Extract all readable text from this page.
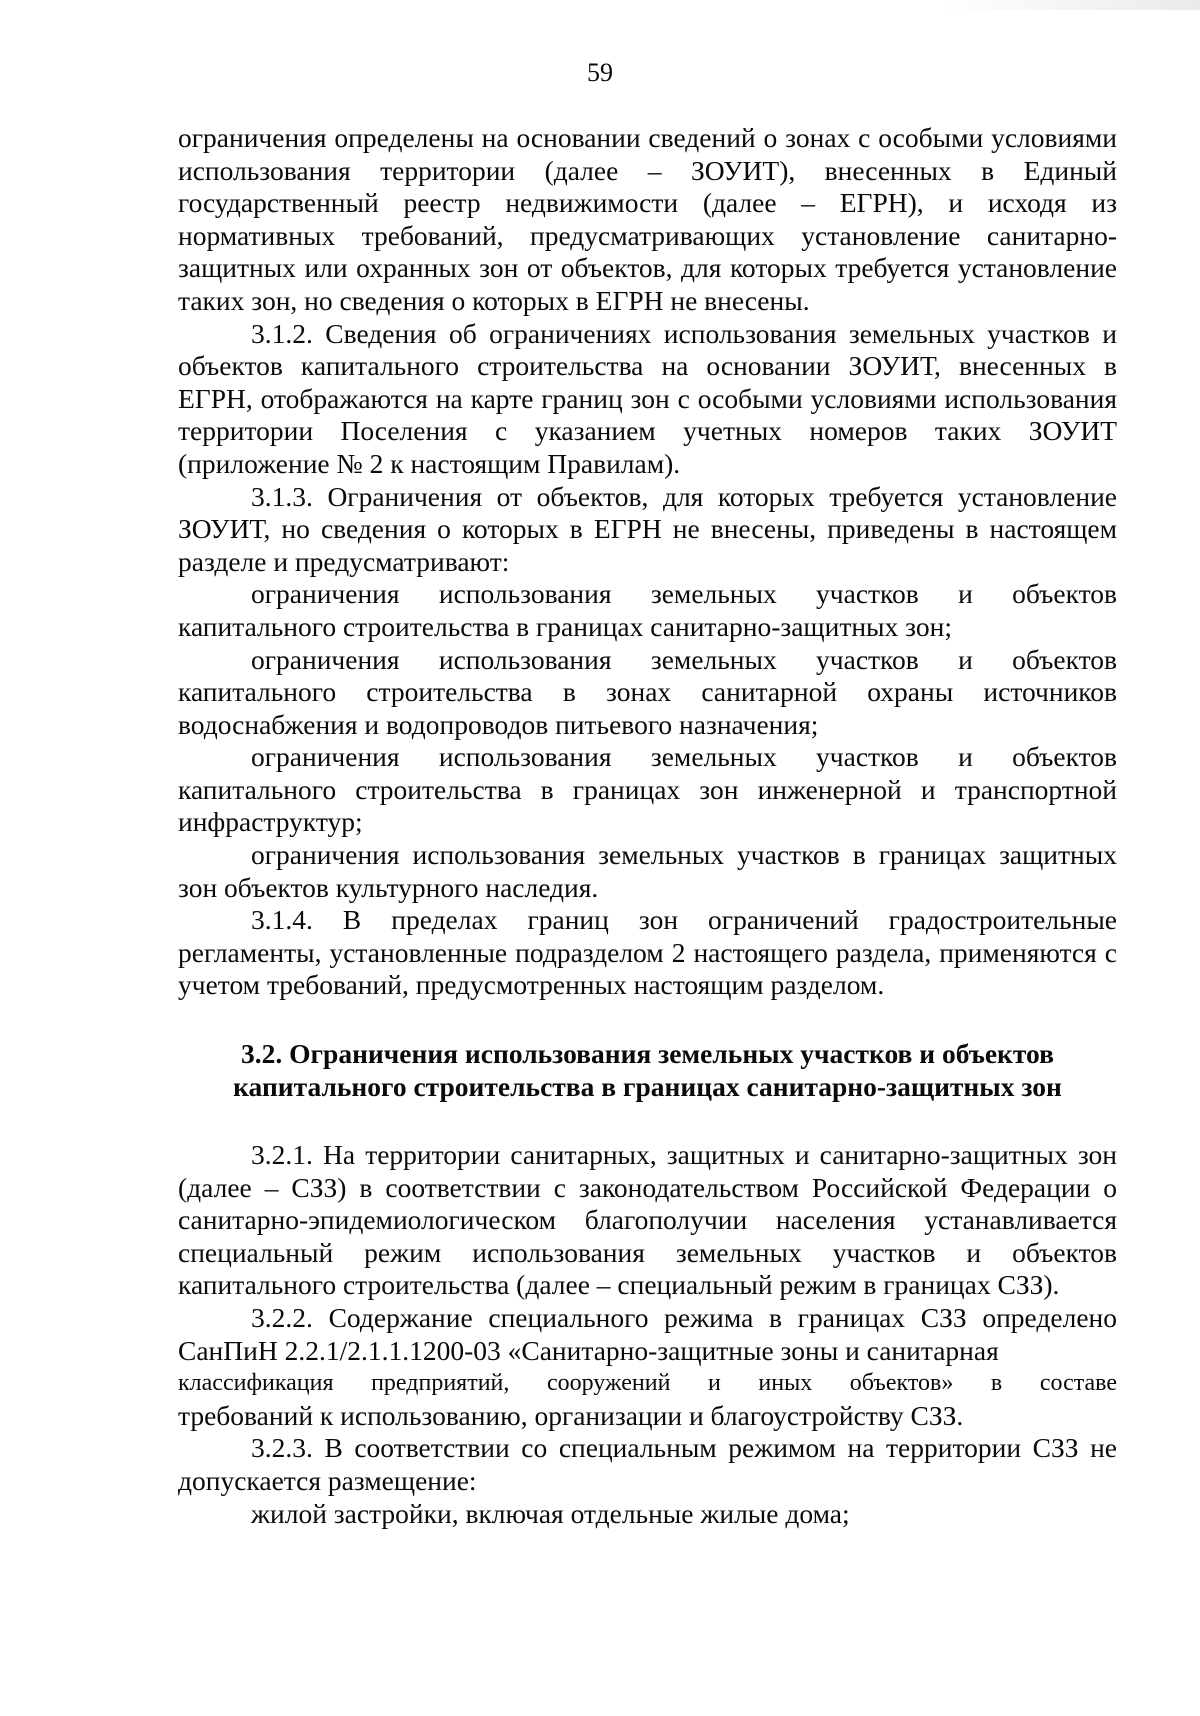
59

ограничения определены на основании сведений о зонах с особыми условиями использования территории (далее – ЗОУИТ), внесенных в Единый государственный реестр недвижимости (далее – ЕГРН), и исходя из нормативных требований, предусматривающих установление санитарно-защитных или охранных зон от объектов, для которых требуется установление таких зон, но сведения о которых в ЕГРН не внесены.

3.1.2. Сведения об ограничениях использования земельных участков и объектов капитального строительства на основании ЗОУИТ, внесенных в ЕГРН, отображаются на карте границ зон с особыми условиями использования территории Поселения с указанием учетных номеров таких ЗОУИТ (приложение № 2 к настоящим Правилам).

3.1.3. Ограничения от объектов, для которых требуется установление ЗОУИТ, но сведения о которых в ЕГРН не внесены, приведены в настоящем разделе и предусматривают:

ограничения использования земельных участков и объектов капитального строительства в границах санитарно-защитных зон;

ограничения использования земельных участков и объектов капитального строительства в зонах санитарной охраны источников водоснабжения и водопроводов питьевого назначения;

ограничения использования земельных участков и объектов капитального строительства в границах зон инженерной и транспортной инфраструктур;

ограничения использования земельных участков в границах защитных зон объектов культурного наследия.

3.1.4. В пределах границ зон ограничений градостроительные регламенты, установленные подразделом 2 настоящего раздела, применяются с учетом требований, предусмотренных настоящим разделом.

3.2. Ограничения использования земельных участков и объектов
капитального строительства в границах санитарно-защитных зон

3.2.1. На территории санитарных, защитных и санитарно-защитных зон (далее – СЗЗ) в соответствии с законодательством Российской Федерации о санитарно-эпидемиологическом благополучии населения устанавливается специальный режим использования земельных участков и объектов капитального строительства (далее – специальный режим в границах СЗЗ).

3.2.2. Содержание специального режима в границах СЗЗ определено СанПиН 2.2.1/2.1.1.1200-03 «Санитарно-защитные зоны и санитарная

классификация предприятий, сооружений и иных объектов» в составе

требований к использованию, организации и благоустройству СЗЗ.

3.2.3. В соответствии со специальным режимом на территории СЗЗ не допускается размещение:

жилой застройки, включая отдельные жилые дома;
